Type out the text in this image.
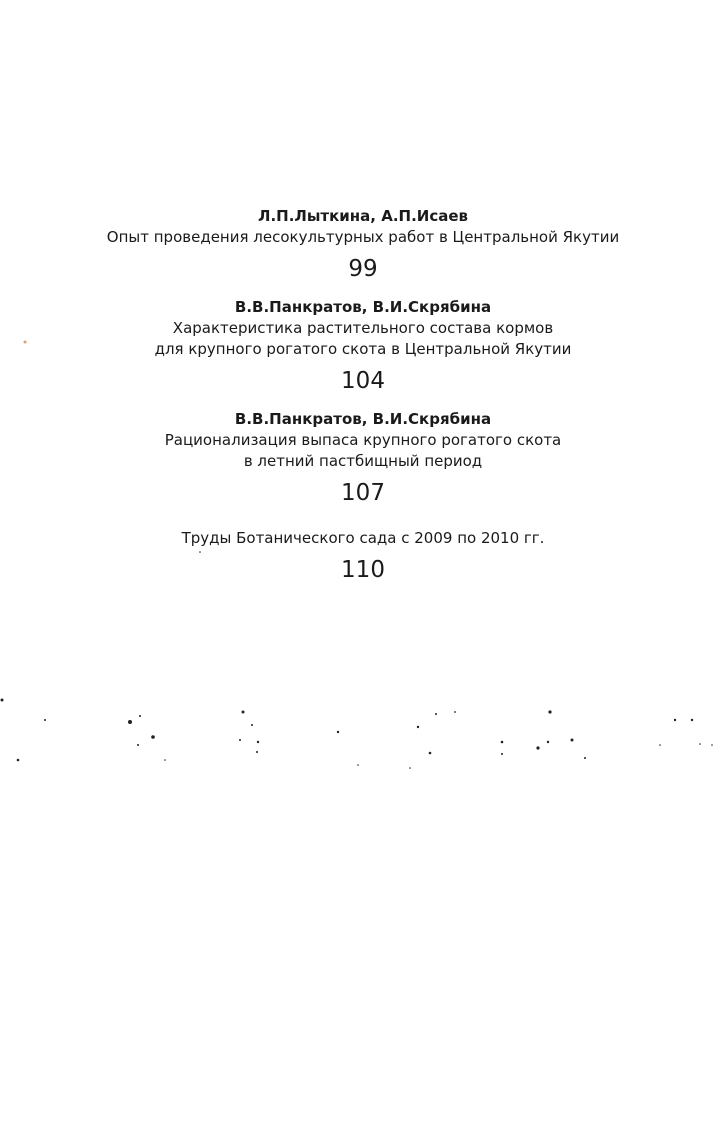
Л.П.Лыткина, А.П.Исаев

Опыт проведения лесокультурных работ в Центральной Якутии

99

В.В.Панкратов, В.И.Скрябина

Характеристика растительного состава кормов

для крупного рогатого скота в Центральной Якутии

104

В.В.Панкратов, В.И.Скрябина

Рационализация выпаса крупного рогатого скота

в летний пастбищный период

107

Труды Ботанического сада с 2009 по 2010 гг.

110
